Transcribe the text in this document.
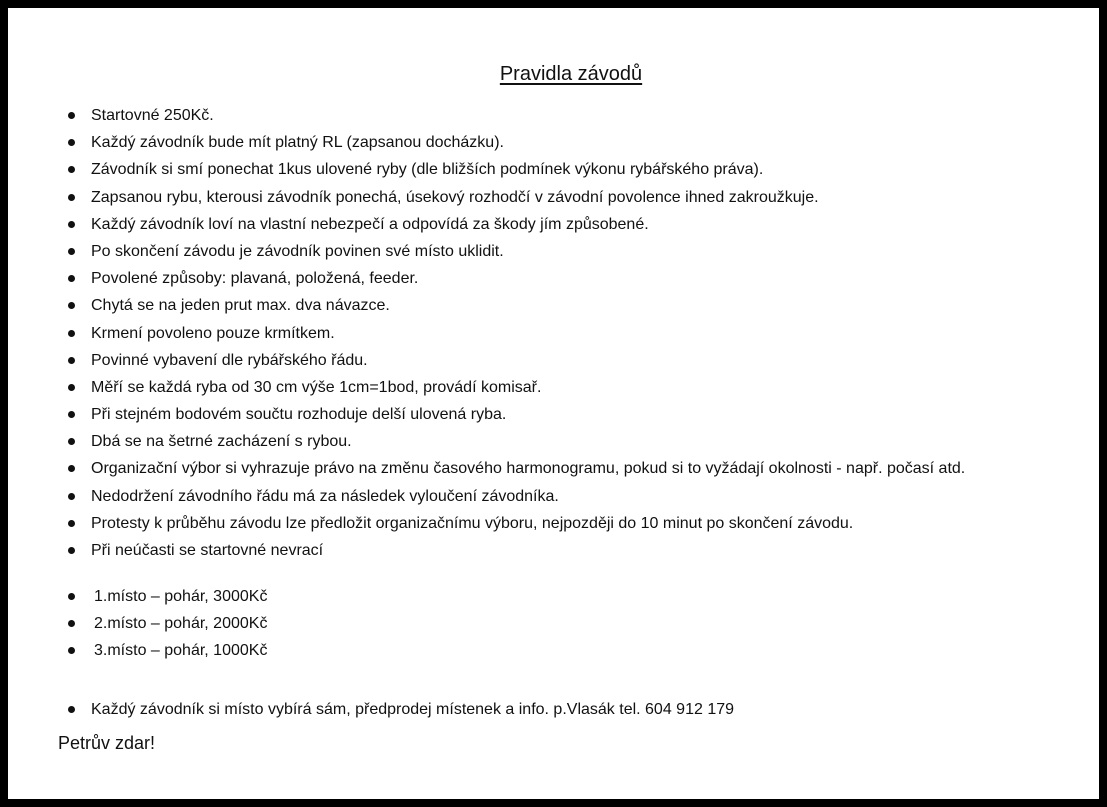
Pravidla závodů
Startovné 250Kč.
Každý závodník bude mít platný RL (zapsanou docházku).
Závodník si smí ponechat 1kus ulovené ryby (dle bližších podmínek výkonu rybářského práva).
Zapsanou rybu, kterousi závodník ponechá, úsekový rozhodčí v závodní povolence ihned zakroužkuje.
Každý závodník loví na vlastní nebezpečí a odpovídá za škody jím způsobené.
Po skončení závodu je závodník povinen své místo uklidit.
Povolené způsoby: plavaná, položená, feeder.
Chytá se na jeden prut max. dva návazce.
Krmení povoleno pouze krmítkem.
Povinné vybavení dle rybářského řádu.
Měří se každá ryba od 30 cm výše 1cm=1bod, provádí komisař.
Při stejném bodovém součtu rozhoduje delší ulovená ryba.
Dbá se na šetrné zacházení s rybou.
Organizační výbor si vyhrazuje právo na změnu časového harmonogramu, pokud si to vyžádají okolnosti - např. počasí atd.
Nedodržení závodního řádu má za následek vyloučení závodníka.
Protesty k průběhu závodu lze předložit organizačnímu výboru, nejpozději do 10 minut po skončení závodu.
Při neúčasti se startovné nevrací
1.místo – pohár, 3000Kč
2.místo – pohár, 2000Kč
3.místo – pohár, 1000Kč
Každý závodník si místo vybírá sám, předprodej místenek a info. p.Vlasák tel. 604 912 179
Petrův zdar!
